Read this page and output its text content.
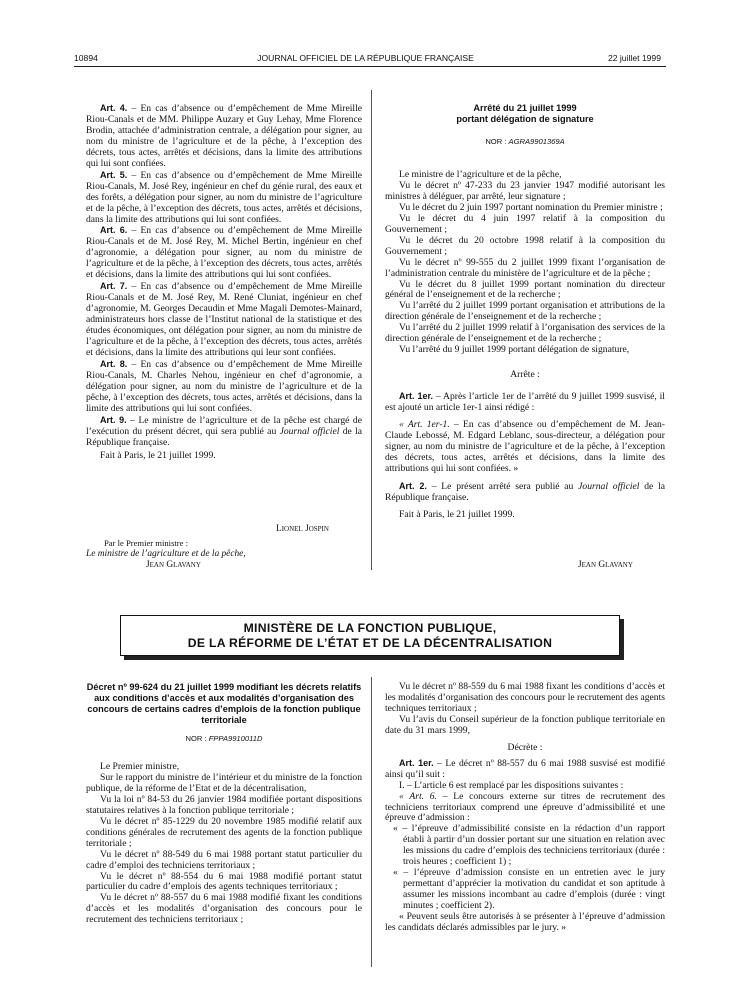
10894	JOURNAL OFFICIEL DE LA RÉPUBLIQUE FRANÇAISE	22 juillet 1999

Art. 4. – En cas d’absence ou d’empêchement de Mme Mireille Riou-Canals et de MM. Philippe Auzary et Guy Lehay, Mme Florence Brodin, attachée d’administration centrale, a délégation pour signer, au nom du ministre de l’agriculture et de la pêche, à l’exception des décrets, tous actes, arrêtés et décisions, dans la limite des attributions qui lui sont confiées.

Art. 5. – En cas d’absence ou d’empêchement de Mme Mireille Riou-Canals, M. José Rey, ingénieur en chef du génie rural, des eaux et des forêts, a délégation pour signer, au nom du ministre de l’agriculture et de la pêche, à l’exception des décrets, tous actes, arrêtés et décisions, dans la limite des attributions qui lui sont confiées.

Art. 6. – En cas d’absence ou d’empêchement de Mme Mireille Riou-Canals et de M. José Rey, M. Michel Bertin, ingénieur en chef d’agronomie, a délégation pour signer, au nom du ministre de l’agriculture et de la pêche, à l’exception des décrets, tous actes, arrêtés et décisions, dans la limite des attributions qui lui sont confiées.

Art. 7. – En cas d’absence ou d’empêchement de Mme Mireille Riou-Canals et de M. José Rey, M. René Cluniat, ingénieur en chef d’agronomie, M. Georges Decaudin et Mme Magali Demotes-Mainard, administrateurs hors classe de l’Institut national de la statistique et des études économiques, ont délégation pour signer, au nom du ministre de l’agriculture et de la pêche, à l’exception des décrets, tous actes, arrêtés et décisions, dans la limite des attributions qui leur sont confiées.

Art. 8. – En cas d’absence ou d’empêchement de Mme Mireille Riou-Canals, M. Charles Nehou, ingénieur en chef d’agronomie, a délégation pour signer, au nom du ministre de l’agriculture et de la pêche, à l’exception des décrets, tous actes, arrêtés et décisions, dans la limite des attributions qui lui sont confiées.

Art. 9. – Le ministre de l’agriculture et de la pêche est chargé de l’exécution du présent décret, qui sera publié au Journal officiel de la République française.

Fait à Paris, le 21 juillet 1999.

Lionel Jospin
Par le Premier ministre :
Le ministre de l’agriculture et de la pêche,
Jean Glavany
Arrêté du 21 juillet 1999
portant délégation de signature
NOR : AGRA9901369A

Le ministre de l’agriculture et de la pêche,

Vu le décret nº 47-233 du 23 janvier 1947 modifié autorisant les ministres à déléguer, par arrêté, leur signature ;

Vu le décret du 2 juin 1997 portant nomination du Premier ministre ;

Vu le décret du 4 juin 1997 relatif à la composition du Gouvernement ;

Vu le décret du 20 octobre 1998 relatif à la composition du Gouvernement ;

Vu le décret nº 99-555 du 2 juillet 1999 fixant l’organisation de l’administration centrale du ministère de l’agriculture et de la pêche ;

Vu le décret du 8 juillet 1999 portant nomination du directeur général de l’enseignement et de la recherche ;

Vu l’arrêté du 2 juillet 1999 portant organisation et attributions de la direction générale de l’enseignement et de la recherche ;

Vu l’arrêté du 2 juillet 1999 relatif à l’organisation des services de la direction générale de l’enseignement et de la recherche ;

Vu l’arrêté du 9 juillet 1999 portant délégation de signature,

Arrête :

Art. 1er. – Après l’article 1er de l’arrêté du 9 juillet 1999 susvisé, il est ajouté un article 1er-1 ainsi rédigé :

« Art. 1er-1. – En cas d’absence ou d’empêchement de M. Jean-Claude Lebossé, M. Edgard Leblanc, sous-directeur, a délégation pour signer, au nom du ministre de l’agriculture et de la pêche, à l’exception des décrets, tous actes, arrêtés et décisions, dans la limite des attributions qui lui sont confiées. »

Art. 2. – Le présent arrêté sera publié au Journal officiel de la République française.

Fait à Paris, le 21 juillet 1999.

Jean Glavany
MINISTÈRE DE LA FONCTION PUBLIQUE,
DE LA RÉFORME DE L’ÉTAT ET DE LA DÉCENTRALISATION
Décret nº 99-624 du 21 juillet 1999 modifiant les décrets relatifs aux conditions d’accès et aux modalités d’organisation des concours de certains cadres d’emplois de la fonction publique territoriale
NOR : FPPA9910011D

Le Premier ministre,

Sur le rapport du ministre de l’intérieur et du ministre de la fonction publique, de la réforme de l’Etat et de la décentralisation,

Vu la loi nº 84-53 du 26 janvier 1984 modifiée portant dispositions statutaires relatives à la fonction publique territoriale ;

Vu le décret nº 85-1229 du 20 novembre 1985 modifié relatif aux conditions générales de recrutement des agents de la fonction publique territoriale ;

Vu le décret nº 88-549 du 6 mai 1988 portant statut particulier du cadre d’emploi des techniciens territoriaux ;

Vu le décret nº 88-554 du 6 mai 1988 modifié portant statut particulier du cadre d’emplois des agents techniques territoriaux ;

Vu le décret nº 88-557 du 6 mai 1988 modifié fixant les conditions d’accès et les modalités d’organisation des concours pour le recrutement des techniciens territoriaux ;

Vu le décret nº 88-559 du 6 mai 1988 fixant les conditions d’accès et les modalités d’organisation des concours pour le recrutement des agents techniques territoriaux ;

Vu l’avis du Conseil supérieur de la fonction publique territoriale en date du 31 mars 1999,

Décrète :

Art. 1er. – Le décret nº 88-557 du 6 mai 1988 susvisé est modifié ainsi qu’il suit :

I. – L’article 6 est remplacé par les dispositions suivantes :

« Art. 6. – Le concours externe sur titres de recrutement des techniciens territoriaux comprend une épreuve d’admissibilité et une épreuve d’admission :

« – l’épreuve d’admissibilité consiste en la rédaction d’un rapport établi à partir d’un dossier portant sur une situation en relation avec les missions du cadre d’emplois des techniciens territoriaux (durée : trois heures ; coefficient 1) ;

« – l’épreuve d’admission consiste en un entretien avec le jury permettant d’apprécier la motivation du candidat et son aptitude à assumer les missions incombant au cadre d’emplois (durée : vingt minutes ; coefficient 2).

« Peuvent seuls être autorisés à se présenter à l’épreuve d’admission les candidats déclarés admissibles par le jury. »
